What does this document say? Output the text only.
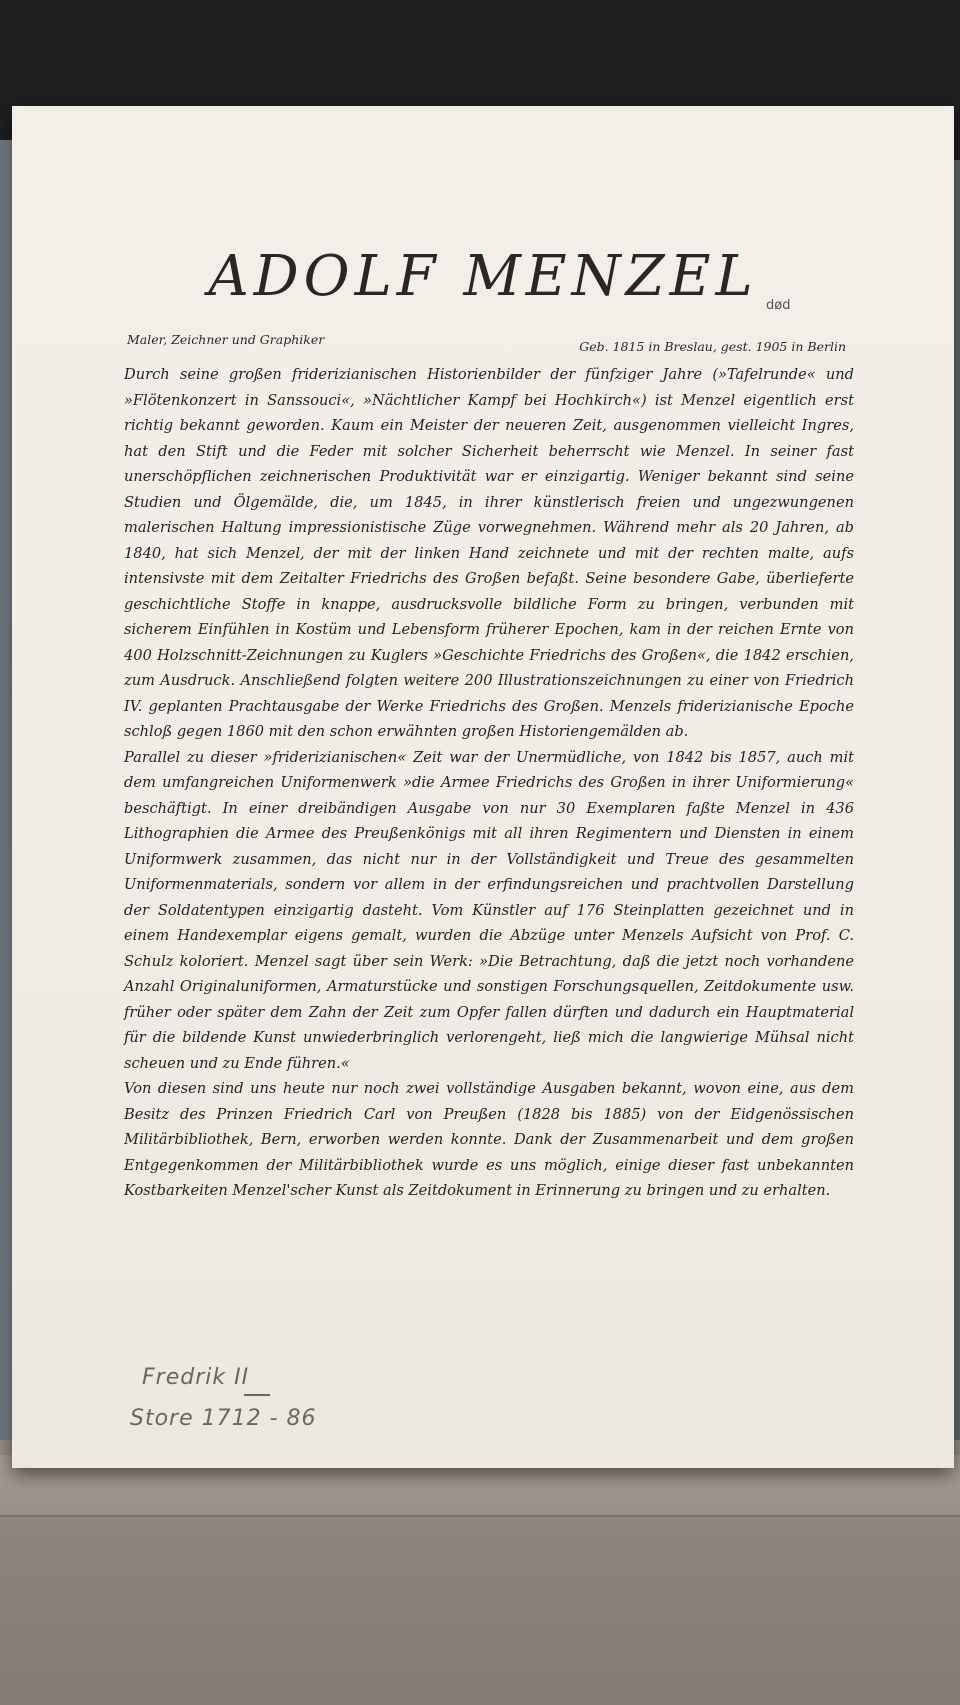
ADOLF MENZEL
Maler, Zeichner und Graphiker
død
Geb. 1815 in Breslau, gest. 1905 in Berlin

Durch seine großen friderizianischen Historienbilder der fünfziger Jahre (»Tafelrunde« und »Flötenkonzert in Sanssouci«, »Nächtlicher Kampf bei Hochkirch«) ist Menzel eigentlich erst richtig bekannt geworden. Kaum ein Meister der neueren Zeit, ausgenommen vielleicht Ingres, hat den Stift und die Feder mit solcher Sicherheit beherrscht wie Menzel. In seiner fast unerschöpflichen zeichnerischen Produktivität war er einzigartig. Weniger bekannt sind seine Studien und Ölgemälde, die, um 1845, in ihrer künstlerisch freien und ungezwungenen malerischen Haltung impressionistische Züge vorwegnehmen. Während mehr als 20 Jahren, ab 1840, hat sich Menzel, der mit der linken Hand zeichnete und mit der rechten malte, aufs intensivste mit dem Zeitalter Friedrichs des Großen befaßt. Seine besondere Gabe, überlieferte geschichtliche Stoffe in knappe, ausdrucksvolle bildliche Form zu bringen, verbunden mit sicherem Einfühlen in Kostüm und Lebensform früherer Epochen, kam in der reichen Ernte von 400 Holzschnitt-Zeichnungen zu Kuglers »Geschichte Friedrichs des Großen«, die 1842 erschien, zum Ausdruck. Anschließend folgten weitere 200 Illustrationszeichnungen zu einer von Friedrich IV. geplanten Prachtausgabe der Werke Friedrichs des Großen. Menzels friderizianische Epoche schloß gegen 1860 mit den schon erwähnten großen Historiengemälden ab.

Parallel zu dieser »friderizianischen« Zeit war der Unermüdliche, von 1842 bis 1857, auch mit dem umfangreichen Uniformenwerk »die Armee Friedrichs des Großen in ihrer Uniformierung« beschäftigt. In einer dreibändigen Ausgabe von nur 30 Exemplaren faßte Menzel in 436 Lithographien die Armee des Preußenkönigs mit all ihren Regimentern und Diensten in einem Uniformwerk zusammen, das nicht nur in der Vollständigkeit und Treue des gesammelten Uniformenmaterials, sondern vor allem in der erfindungsreichen und prachtvollen Darstellung der Soldatentypen einzigartig dasteht. Vom Künstler auf 176 Steinplatten gezeichnet und in einem Handexemplar eigens gemalt, wurden die Abzüge unter Menzels Aufsicht von Prof. C. Schulz koloriert. Menzel sagt über sein Werk: »Die Betrachtung, daß die jetzt noch vorhandene Anzahl Originaluniformen, Armaturstücke und sonstigen Forschungsquellen, Zeitdokumente usw. früher oder später dem Zahn der Zeit zum Opfer fallen dürften und dadurch ein Hauptmaterial für die bildende Kunst unwiederbringlich verlorengeht, ließ mich die langwierige Mühsal nicht scheuen und zu Ende führen.«

Von diesen sind uns heute nur noch zwei vollständige Ausgaben bekannt, wovon eine, aus dem Besitz des Prinzen Friedrich Carl von Preußen (1828 bis 1885) von der Eidgenössischen Militärbibliothek, Bern, erworben werden konnte. Dank der Zusammenarbeit und dem großen Entgegenkommen der Militärbibliothek wurde es uns möglich, einige dieser fast unbekannten Kostbarkeiten Menzel'scher Kunst als Zeitdokument in Erinnerung zu bringen und zu erhalten.

Fredrik II
Store 1712 - 86
